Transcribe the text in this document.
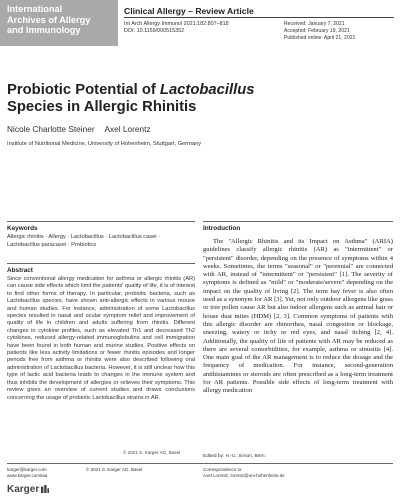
International
Archives of Allergy
and Immunology
Clinical Allergy – Review Article
Int Arch Allergy Immunol 2021;182:807–818
DOI: 10.1159/000515352
Received: January 7, 2021
Accepted: February 19, 2021
Published online: April 21, 2021
Probiotic Potential of Lactobacillus
Species in Allergic Rhinitis
Nicole Charlotte Steiner Axel Lorentz
Institute of Nutritional Medicine, University of Hohenheim, Stuttgart, Germany
Keywords
Allergic rhinitis · Allergy · Lactobacillus · Lactobacillus casei ·
Lactobacillus paracasei · Probiotics
Abstract
Since conventional allergy medication for asthma or allergic rhinitis (AR) can cause side effects which limit the patients' quality of life, it is of interest to find other forms of therapy. In particular, probiotic bacteria, such as Lactobacillus species, have shown anti-allergic effects in various mouse and human studies. For instance, administration of some Lactobacillus species resulted in nasal and ocular symptom relief and improvement of quality of life in children and adults suffering from rhinitis. Different changes in cytokine profiles, such as elevated Th1 and decreased Th2 cytokines, reduced allergy-related immunoglobulins and cell immigration have been found in both human and murine studies. Positive effects on patients like less activity limitations or fewer rhinitis episodes and longer periods free from asthma or rhinitis were also described following oral administration of Lactobacillus bacteria. However, it is still unclear how this type of lactic acid bacteria leads to changes in the immune system and thus inhibits the development of allergies or relieves their symptoms. This review gives an overview of current studies and draws conclusions concerning the usage of probiotic Lactobacillus strains in AR.
© 2021 S. Karger AG, Basel
Introduction
The "Allergic Rhinitis and its Impact on Asthma" (ARIA) guidelines classify allergic rhinitis (AR) as "intermittent" or "persistent" disorder, depending on the presence of symptoms within 4 weeks. Sometimes, the terms "seasonal" or "perennial" are connected with AR, instead of "intermittent" or "persistent" [1]. The severity of symptoms is defined as "mild" or "moderate/severe" depending on the impact on the quality of living [2]. The term hay fever is also often used as a synonym for AR [3]. Yet, not only outdoor allergens like grass or tree pollen cause AR but also indoor allergens such as animal hair or house dust mites (HDM) [2, 3]. Common symptoms of patients with this allergic disorder are rhinorrhea, nasal congestion or blockage, sneezing, watery or itchy or red eyes, and nasal itching [2, 4]. Additionally, the quality of life of patients with AR may be reduced as there are several comorbidities, for example, asthma or sinusitis [4]. One main goal of the AR management is to reduce the dosage and the frequency of medication. For instance, second-generation antihistamines or steroids are often prescribed as a long-term treatment for AR patients. Possible side effects of long-term treatment with allergy medication
Edited by: H.-U. Simon, Bern.
karger@karger.com
www.karger.com/iaa
© 2021 S. Karger AG, Basel	Correspondence to:
Axel Lorentz, lorentz@uni-hohenheim.de
Karger
